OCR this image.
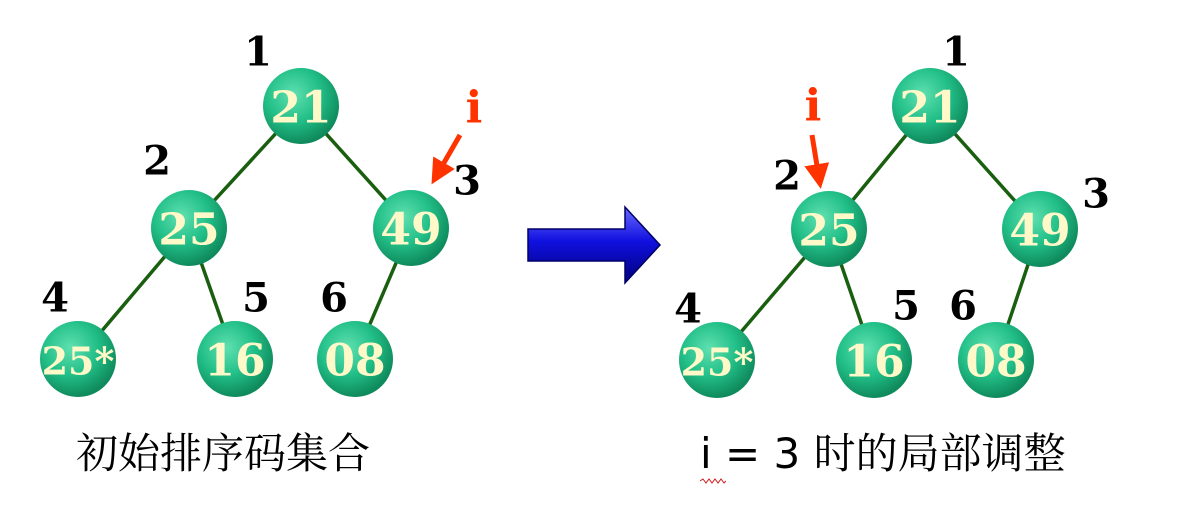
21
1
25
2
49
3
25*
4
16
5
08
6
i	21
1
25
2
49
3
25*
4
16
5
08
6
i
初始排序码集合	i = 3 时的局部调整
